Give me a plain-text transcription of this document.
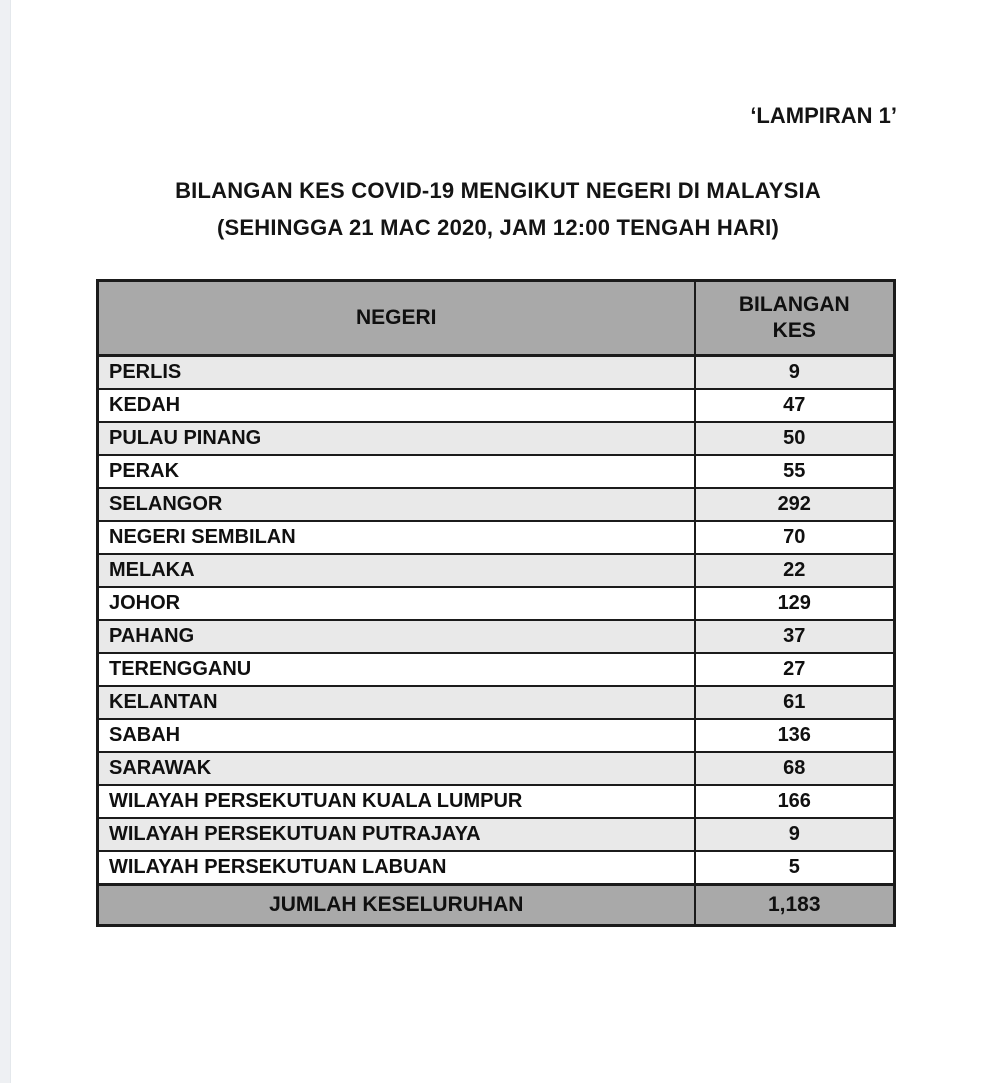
‘LAMPIRAN 1’
BILANGAN KES COVID-19 MENGIKUT NEGERI DI MALAYSIA
(SEHINGGA 21 MAC 2020, JAM 12:00 TENGAH HARI)
NEGERI	BILANGAN KES

PERLIS	9
KEDAH	47
PULAU PINANG	50
PERAK	55
SELANGOR	292
NEGERI SEMBILAN	70
MELAKA	22
JOHOR	129
PAHANG	37
TERENGGANU	27
KELANTAN	61
SABAH	136
SARAWAK	68
WILAYAH PERSEKUTUAN KUALA LUMPUR	166
WILAYAH PERSEKUTUAN PUTRAJAYA	9
WILAYAH PERSEKUTUAN LABUAN	5
JUMLAH KESELURUHAN	1,183
